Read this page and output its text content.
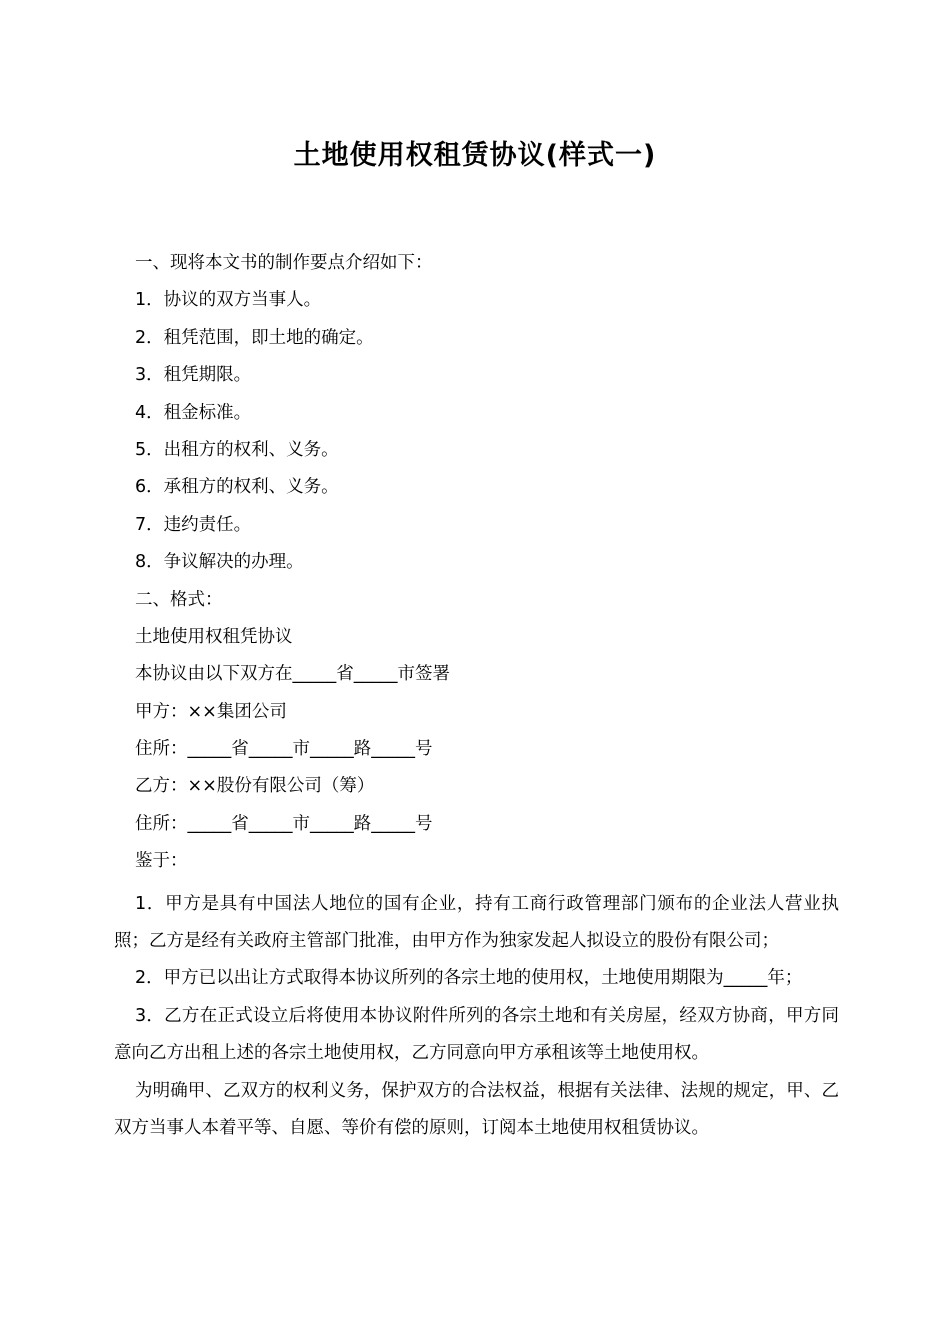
土地使用权租赁协议(样式一)
一、现将本文书的制作要点介绍如下：
1．协议的双方当事人。
2．租凭范围，即土地的确定。
3．租凭期限。
4．租金标准。
5．出租方的权利、义务。
6．承租方的权利、义务。
7．违约责任。
8．争议解决的办理。
二、格式：
土地使用权租凭协议
本协议由以下双方在_____省_____市签署
甲方：××集团公司
住所：_____省_____市_____路_____号
乙方：××股份有限公司（筹）
住所：_____省_____市_____路_____号
鉴于：

1．甲方是具有中国法人地位的国有企业，持有工商行政管理部门颁布的企业法人营业执照；乙方是经有关政府主管部门批准，由甲方作为独家发起人拟设立的股份有限公司；

2．甲方已以出让方式取得本协议所列的各宗土地的使用权，土地使用期限为_____年；

3．乙方在正式设立后将使用本协议附件所列的各宗土地和有关房屋，经双方协商，甲方同意向乙方出租上述的各宗土地使用权，乙方同意向甲方承租该等土地使用权。

为明确甲、乙双方的权利义务，保护双方的合法权益，根据有关法律、法规的规定，甲、乙双方当事人本着平等、自愿、等价有偿的原则，订阅本土地使用权租赁协议。
